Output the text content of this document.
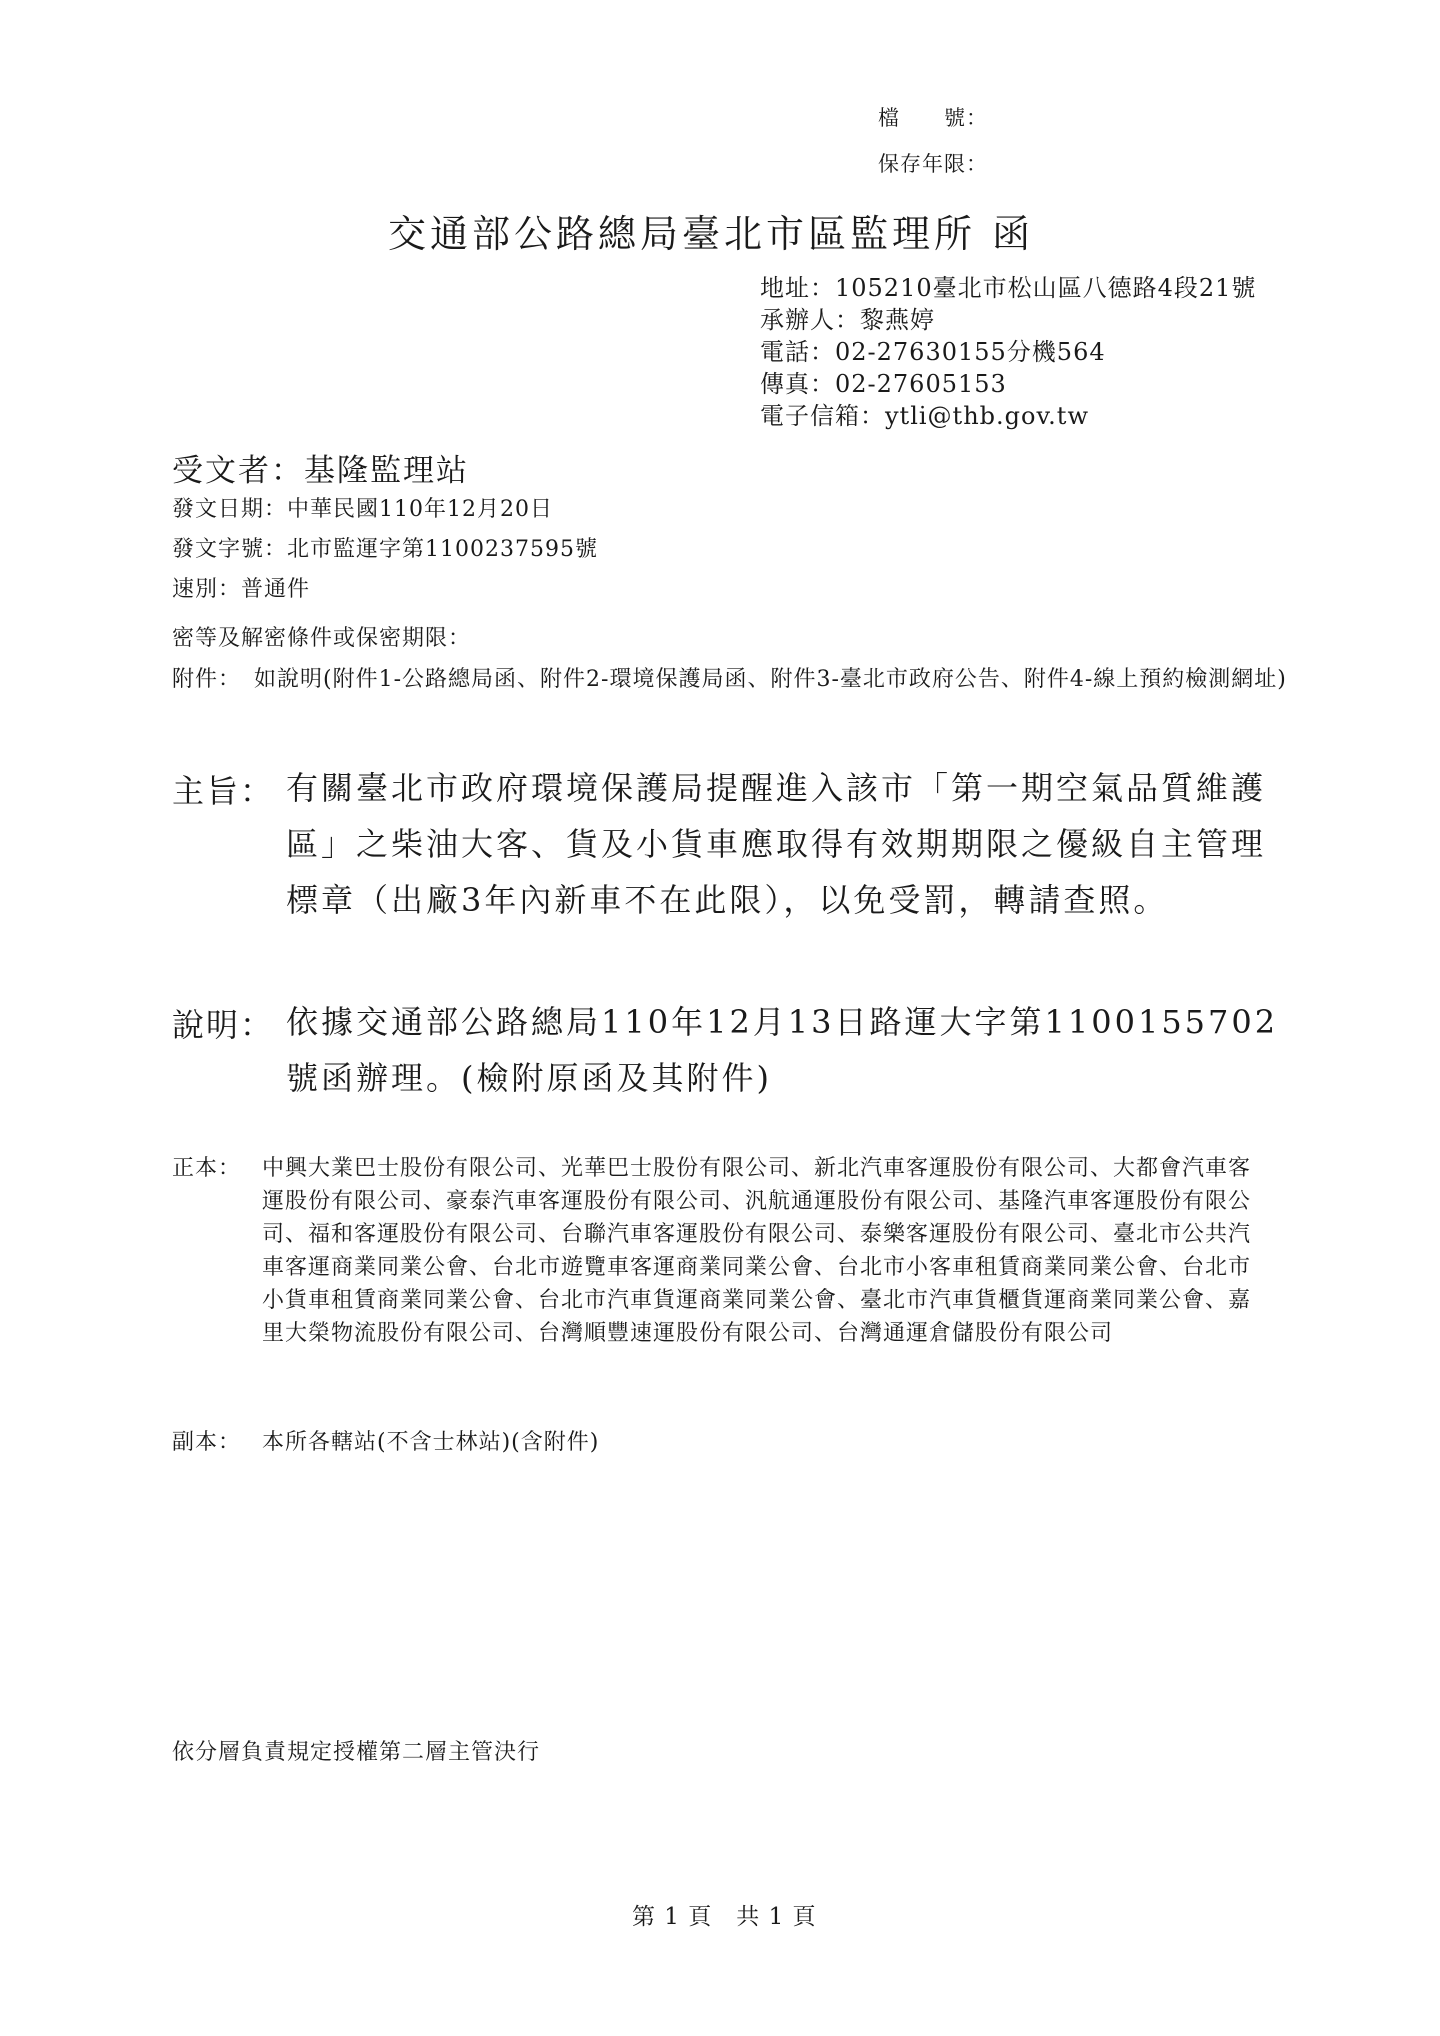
檔　　號：
保存年限：
交通部公路總局臺北市區監理所 函
地址：105210臺北市松山區八德路4段21號
承辦人：黎燕婷
電話：02-27630155分機564
傳真：02-27605153
電子信箱：ytli@thb.gov.tw
受文者：基隆監理站
發文日期：中華民國110年12月20日
發文字號：北市監運字第1100237595號
速別：普通件
密等及解密條件或保密期限：
附件： 如說明(附件1-公路總局函、附件2-環境保護局函、附件3-臺北市政府公告、附件4-線上預約檢測網址)
主旨： 有關臺北市政府環境保護局提醒進入該市「第一期空氣品質維護區」之柴油大客、貨及小貨車應取得有效期期限之優級自主管理標章（出廠3年內新車不在此限），以免受罰，轉請查照。
說明： 依據交通部公路總局110年12月13日路運大字第1100155702號函辦理。(檢附原函及其附件)
正本： 中興大業巴士股份有限公司、光華巴士股份有限公司、新北汽車客運股份有限公司、大都會汽車客運股份有限公司、豪泰汽車客運股份有限公司、汎航通運股份有限公司、基隆汽車客運股份有限公司、福和客運股份有限公司、台聯汽車客運股份有限公司、泰樂客運股份有限公司、臺北市公共汽車客運商業同業公會、台北市遊覽車客運商業同業公會、台北市小客車租賃商業同業公會、台北市小貨車租賃商業同業公會、台北市汽車貨運商業同業公會、臺北市汽車貨櫃貨運商業同業公會、嘉里大榮物流股份有限公司、台灣順豐速運股份有限公司、台灣通運倉儲股份有限公司
副本： 本所各轄站(不含士林站)(含附件)
依分層負責規定授權第二層主管決行
第 1 頁　共 1 頁
